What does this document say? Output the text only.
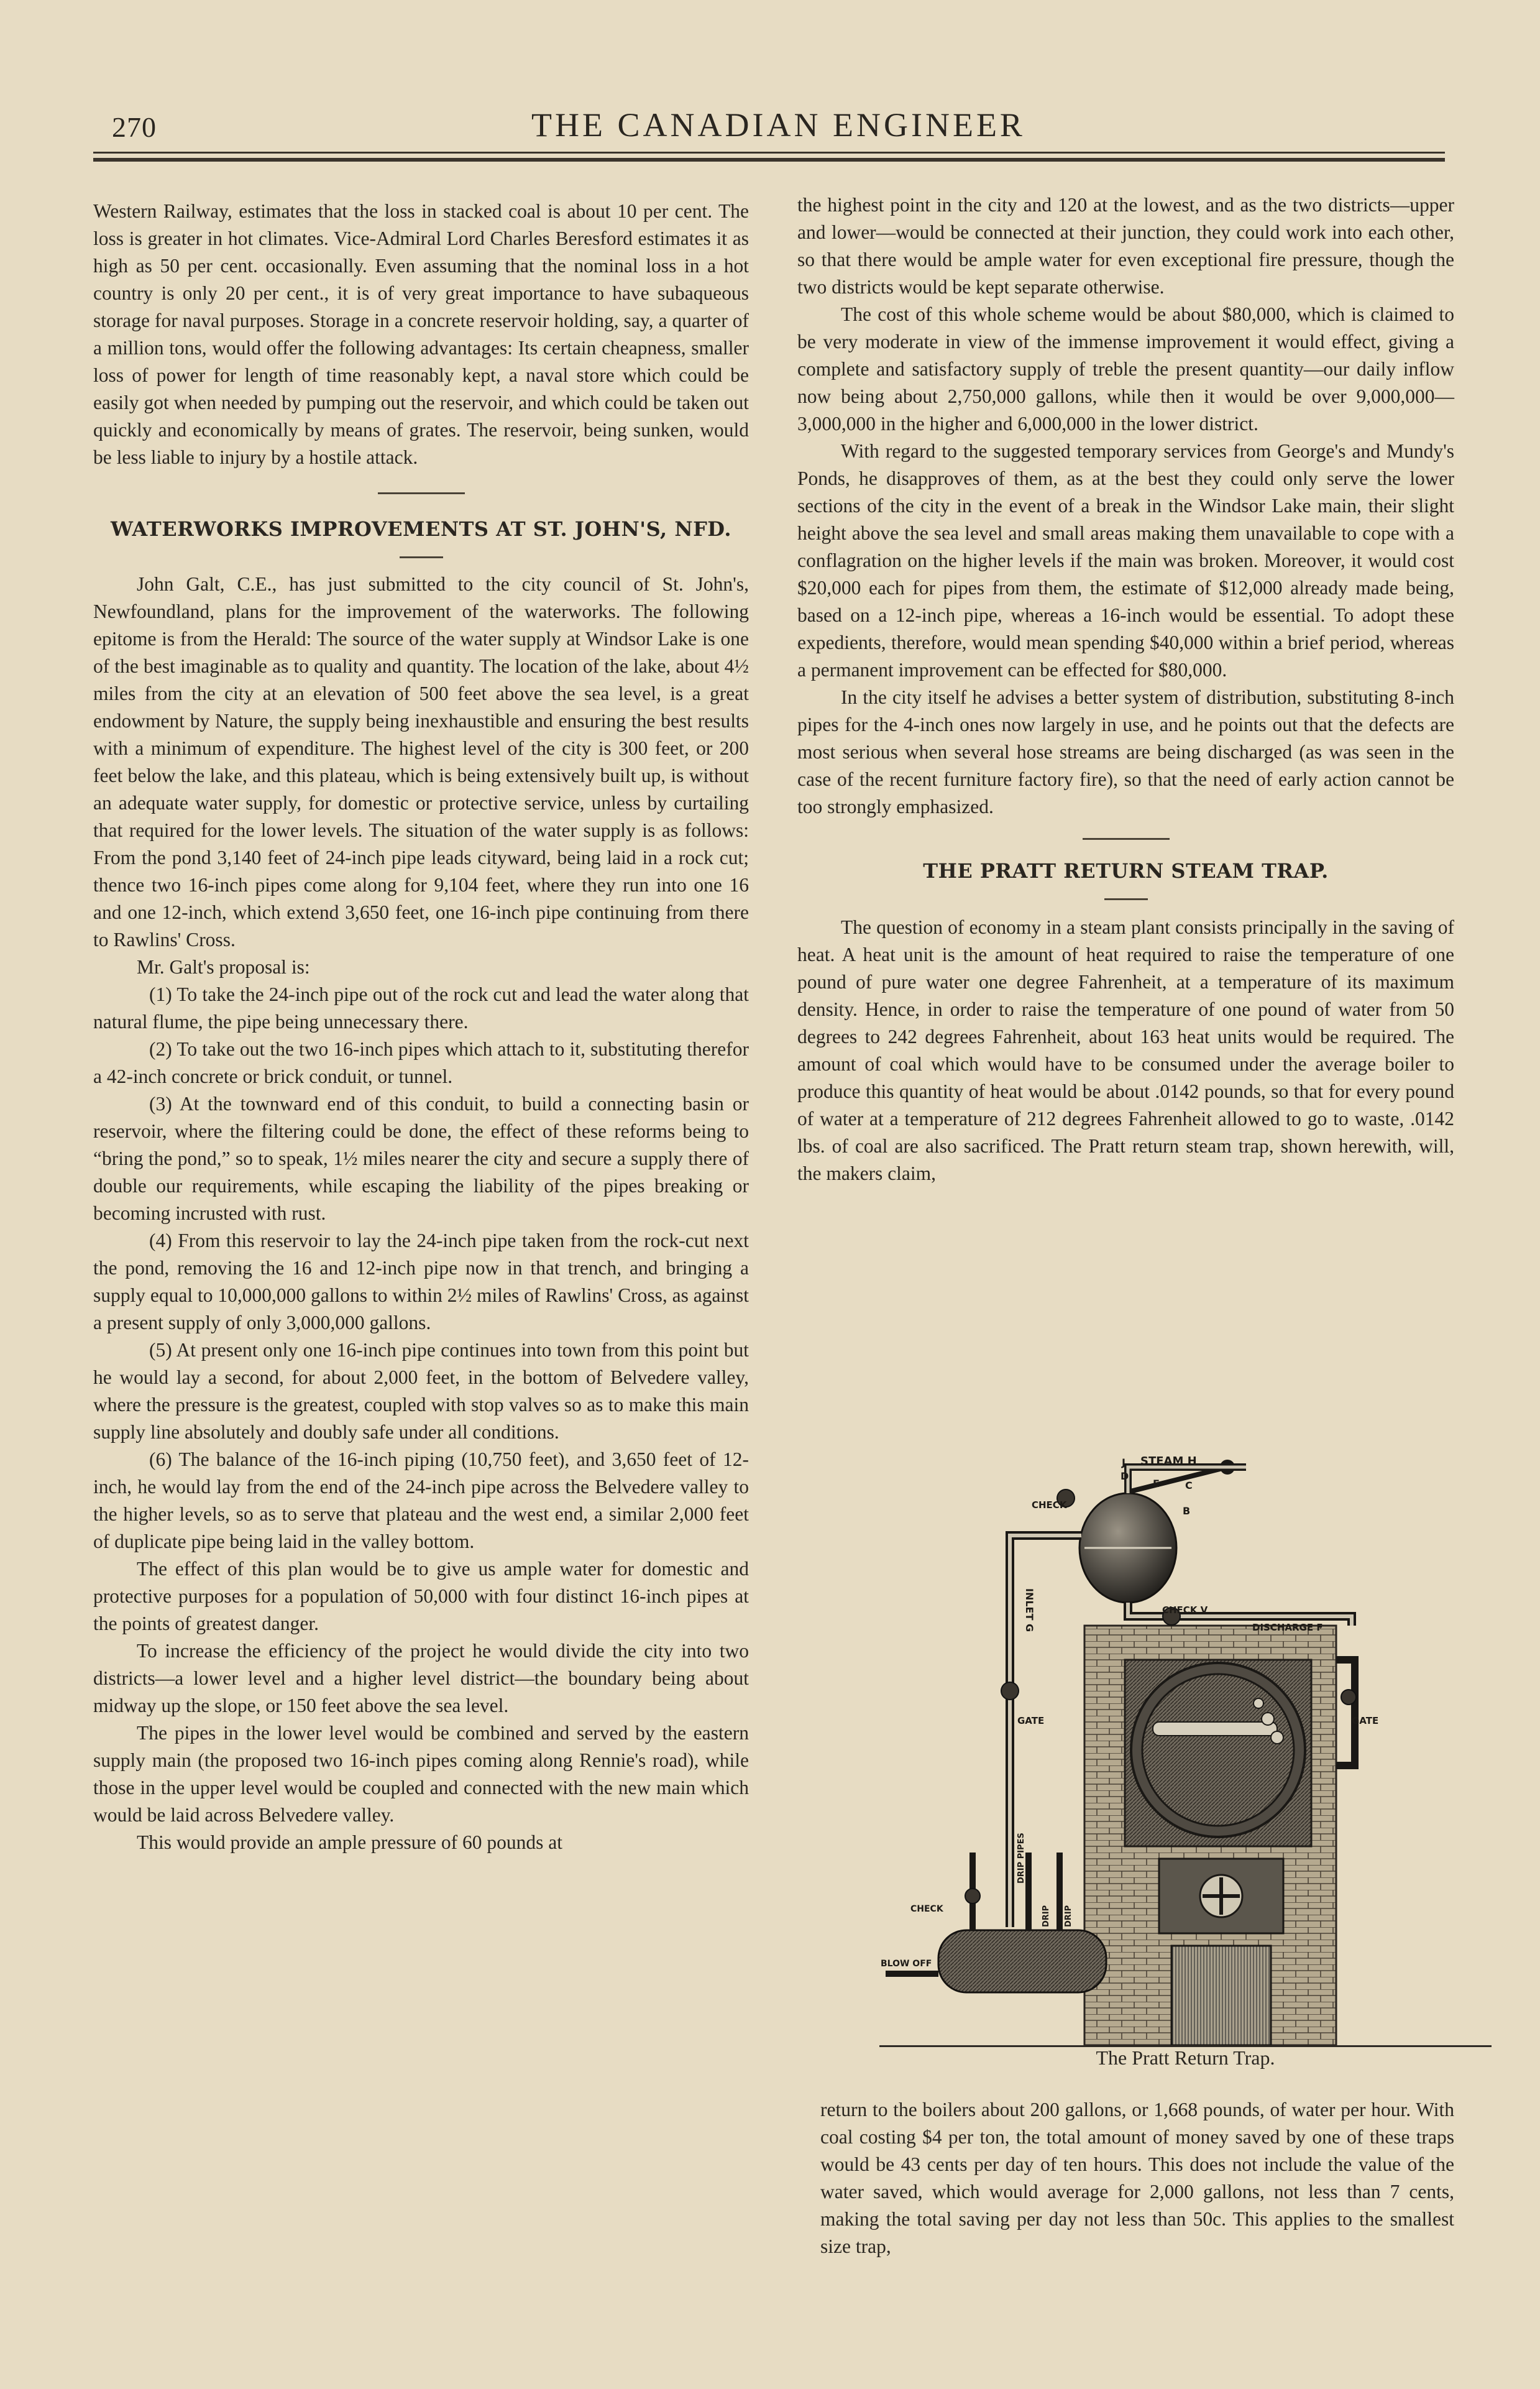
270	THE CANADIAN ENGINEER

Western Railway, estimates that the loss in stacked coal is about 10 per cent. The loss is greater in hot climates. Vice-Admiral Lord Charles Beresford estimates it as high as 50 per cent. occasionally. Even assuming that the nominal loss in a hot country is only 20 per cent., it is of very great importance to have subaqueous storage for naval purposes. Storage in a concrete reservoir holding, say, a quarter of a million tons, would offer the following advantages: Its certain cheapness, smaller loss of power for length of time reasonably kept, a naval store which could be easily got when needed by pumping out the reservoir, and which could be taken out quickly and economically by means of grates. The reservoir, being sunken, would be less liable to injury by a hostile attack.

WATERWORKS IMPROVEMENTS AT ST. JOHN'S, NFD.

John Galt, C.E., has just submitted to the city council of St. John's, Newfoundland, plans for the improvement of the waterworks. The following epitome is from the Herald: The source of the water supply at Windsor Lake is one of the best imaginable as to quality and quantity. The location of the lake, about 4½ miles from the city at an elevation of 500 feet above the sea level, is a great endowment by Nature, the supply being inexhaustible and ensuring the best results with a minimum of expenditure. The highest level of the city is 300 feet, or 200 feet below the lake, and this plateau, which is being extensively built up, is without an adequate water supply, for domestic or protective service, unless by curtailing that required for the lower levels. The situation of the water supply is as follows: From the pond 3,140 feet of 24-inch pipe leads cityward, being laid in a rock cut; thence two 16-inch pipes come along for 9,104 feet, where they run into one 16 and one 12-inch, which extend 3,650 feet, one 16-inch pipe continuing from there to Rawlins' Cross.

Mr. Galt's proposal is:

(1) To take the 24-inch pipe out of the rock cut and lead the water along that natural flume, the pipe being unnecessary there.

(2) To take out the two 16-inch pipes which attach to it, substituting therefor a 42-inch concrete or brick conduit, or tunnel.

(3) At the townward end of this conduit, to build a connecting basin or reservoir, where the filtering could be done, the effect of these reforms being to “bring the pond,” so to speak, 1½ miles nearer the city and secure a supply there of double our requirements, while escaping the liability of the pipes breaking or becoming incrusted with rust.

(4) From this reservoir to lay the 24-inch pipe taken from the rock-cut next the pond, removing the 16 and 12-inch pipe now in that trench, and bringing a supply equal to 10,000,000 gallons to within 2½ miles of Rawlins' Cross, as against a present supply of only 3,000,000 gallons.

(5) At present only one 16-inch pipe continues into town from this point but he would lay a second, for about 2,000 feet, in the bottom of Belvedere valley, where the pressure is the greatest, coupled with stop valves so as to make this main supply line absolutely and doubly safe under all conditions.

(6) The balance of the 16-inch piping (10,750 feet), and 3,650 feet of 12-inch, he would lay from the end of the 24-inch pipe across the Belvedere valley to the higher levels, so as to serve that plateau and the west end, a similar 2,000 feet of duplicate pipe being laid in the valley bottom.

The effect of this plan would be to give us ample water for domestic and protective purposes for a population of 50,000 with four distinct 16-inch pipes at the points of greatest danger.

To increase the efficiency of the project he would divide the city into two districts—a lower level and a higher level district—the boundary being about midway up the slope, or 150 feet above the sea level.

The pipes in the lower level would be combined and served by the eastern supply main (the proposed two 16-inch pipes coming along Rennie's road), while those in the upper level would be coupled and connected with the new main which would be laid across Belvedere valley.

This would provide an ample pressure of 60 pounds at

the highest point in the city and 120 at the lowest, and as the two districts—upper and lower—would be connected at their junction, they could work into each other, so that there would be ample water for even exceptional fire pressure, though the two districts would be kept separate otherwise.

The cost of this whole scheme would be about $80,000, which is claimed to be very moderate in view of the immense improvement it would effect, giving a complete and satisfactory supply of treble the present quantity—our daily inflow now being about 2,750,000 gallons, while then it would be over 9,000,000—3,000,000 in the higher and 6,000,000 in the lower district.

With regard to the suggested temporary services from George's and Mundy's Ponds, he disapproves of them, as at the best they could only serve the lower sections of the city in the event of a break in the Windsor Lake main, their slight height above the sea level and small areas making them unavailable to cope with a conflagration on the higher levels if the main was broken. Moreover, it would cost $20,000 each for pipes from them, the estimate of $12,000 already made being, based on a 12-inch pipe, whereas a 16-inch would be essential. To adopt these expedients, therefore, would mean spending $40,000 within a brief period, whereas a permanent improvement can be effected for $80,000.

In the city itself he advises a better system of distribution, substituting 8-inch pipes for the 4-inch ones now largely in use, and he points out that the defects are most serious when several hose streams are being discharged (as was seen in the case of the recent furniture factory fire), so that the need of early action cannot be too strongly emphasized.

THE PRATT RETURN STEAM TRAP.

The question of economy in a steam plant consists principally in the saving of heat. A heat unit is the amount of heat required to raise the temperature of one pound of pure water one degree Fahrenheit, at a temperature of its maximum density. Hence, in order to raise the temperature of one pound of water from 50 degrees to 242 degrees Fahrenheit, about 163 heat units would be required. The amount of coal which would have to be consumed under the average boiler to produce this quantity of heat would be about .0142 pounds, so that for every pound of water at a temperature of 212 degrees Fahrenheit allowed to go to waste, .0142 lbs. of coal are also sacrificed. The Pratt return steam trap, shown herewith, will, the makers claim,

J
D
STEAM H
E	C
B
CHECK
INLET G	CHECK V
DISCHARGE F
GATE	GATE
DRIP PIPES
CHECK	DRIP DRIP
BLOW OFF
The Pratt Return Trap.

return to the boilers about 200 gallons, or 1,668 pounds, of water per hour. With coal costing $4 per ton, the total amount of money saved by one of these traps would be 43 cents per day of ten hours. This does not include the value of the water saved, which would average for 2,000 gallons, not less than 7 cents, making the total saving per day not less than 50c. This applies to the smallest size trap,
